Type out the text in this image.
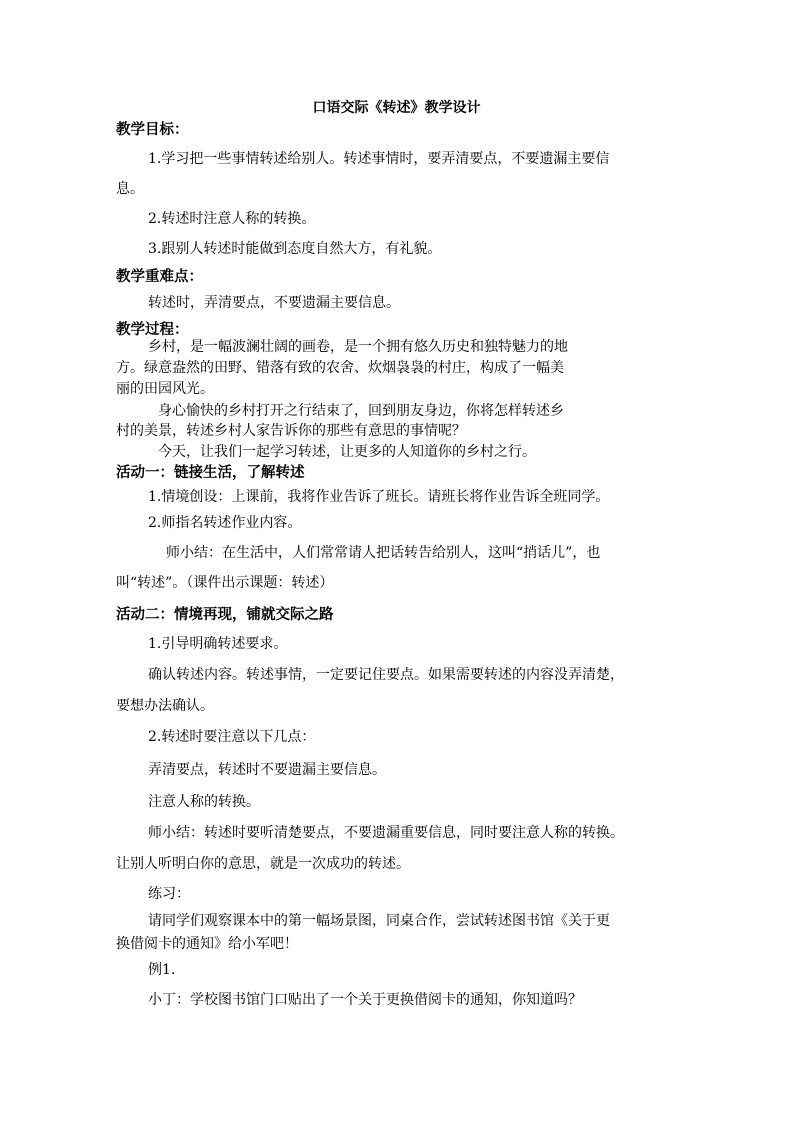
口语交际《转述》教学设计
教学目标：
1.学习把一些事情转述给别人。转述事情时，要弄清要点，不要遗漏主要信
息。
2.转述时注意人称的转换。
3.跟别人转述时能做到态度自然大方，有礼貌。
教学重难点：
转述时，弄清要点，不要遗漏主要信息。
教学过程：
乡村，是一幅波澜壮阔的画卷，是一个拥有悠久历史和独特魅力的地
方。绿意盎然的田野、错落有致的农舍、炊烟袅袅的村庄，构成了一幅美
丽的田园风光。
身心愉快的乡村打开之行结束了，回到朋友身边，你将怎样转述乡
村的美景，转述乡村人家告诉你的那些有意思的事情呢？
今天，让我们一起学习转述，让更多的人知道你的乡村之行。
活动一：链接生活，了解转述
1.情境创设：上课前，我将作业告诉了班长。请班长将作业告诉全班同学。
2.师指名转述作业内容。
师小结：在生活中，人们常常请人把话转告给别人，这叫“捎话儿”，也
叫“转述”。（课件出示课题：转述）
活动二：情境再现，铺就交际之路
1.引导明确转述要求。
确认转述内容。转述事情，一定要记住要点。如果需要转述的内容没弄清楚，
要想办法确认。
2.转述时要注意以下几点：
弄清要点，转述时不要遗漏主要信息。
注意人称的转换。
师小结：转述时要听清楚要点，不要遗漏重要信息，同时要注意人称的转换。
让别人听明白你的意思，就是一次成功的转述。
练习：
请同学们观察课本中的第一幅场景图，同桌合作，尝试转述图书馆《关于更
换借阅卡的通知》给小军吧！
例1.
小丁：学校图书馆门口贴出了一个关于更换借阅卡的通知，你知道吗？
